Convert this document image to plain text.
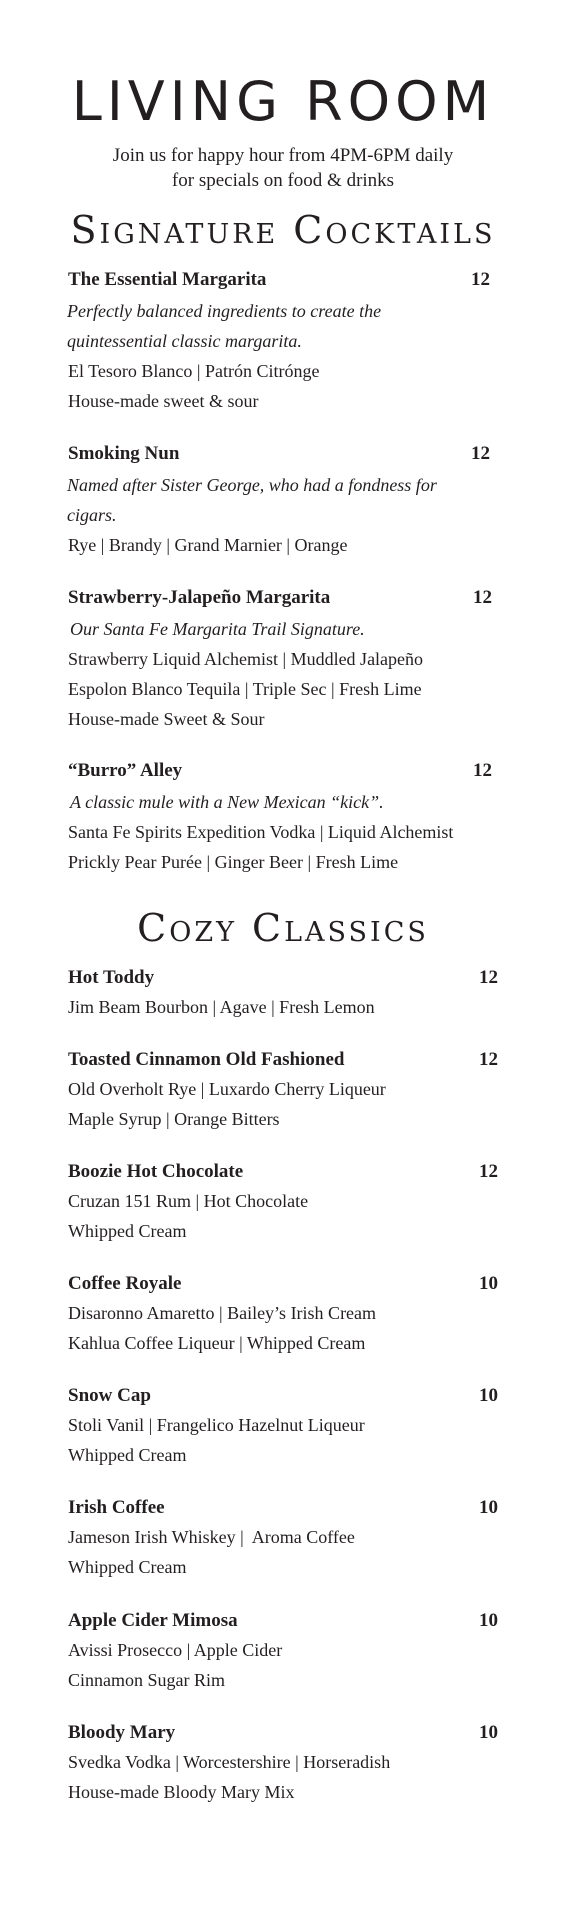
LIVING ROOM
Join us for happy hour from 4PM-6PM daily
for specials on food & drinks
Signature Cocktails
The Essential Margarita	12
Perfectly balanced ingredients to create the quintessential classic margarita.
El Tesoro Blanco | Patrón Citrónge
House-made sweet & sour
Smoking Nun	12
Named after Sister George, who had a fondness for cigars.
Rye | Brandy | Grand Marnier | Orange
Strawberry-Jalapeño Margarita	12
Our Santa Fe Margarita Trail Signature.
Strawberry Liquid Alchemist | Muddled Jalapeño
Espolon Blanco Tequila | Triple Sec | Fresh Lime
House-made Sweet & Sour
“Burro” Alley	12
A classic mule with a New Mexican “kick”.
Santa Fe Spirits Expedition Vodka | Liquid Alchemist
Prickly Pear Purée | Ginger Beer | Fresh Lime
Cozy Classics
Hot Toddy	12
Jim Beam Bourbon | Agave | Fresh Lemon
Toasted Cinnamon Old Fashioned	12
Old Overholt Rye | Luxardo Cherry Liqueur
Maple Syrup | Orange Bitters
Boozie Hot Chocolate	12
Cruzan 151 Rum | Hot Chocolate
Whipped Cream
Coffee Royale	10
Disaronno Amaretto | Bailey’s Irish Cream
Kahlua Coffee Liqueur | Whipped Cream
Snow Cap	10
Stoli Vanil | Frangelico Hazelnut Liqueur
Whipped Cream
Irish Coffee	10
Jameson Irish Whiskey |  Aroma Coffee
Whipped Cream
Apple Cider Mimosa	10
Avissi Prosecco | Apple Cider
Cinnamon Sugar Rim
Bloody Mary	10
Svedka Vodka | Worcestershire | Horseradish
House-made Bloody Mary Mix
